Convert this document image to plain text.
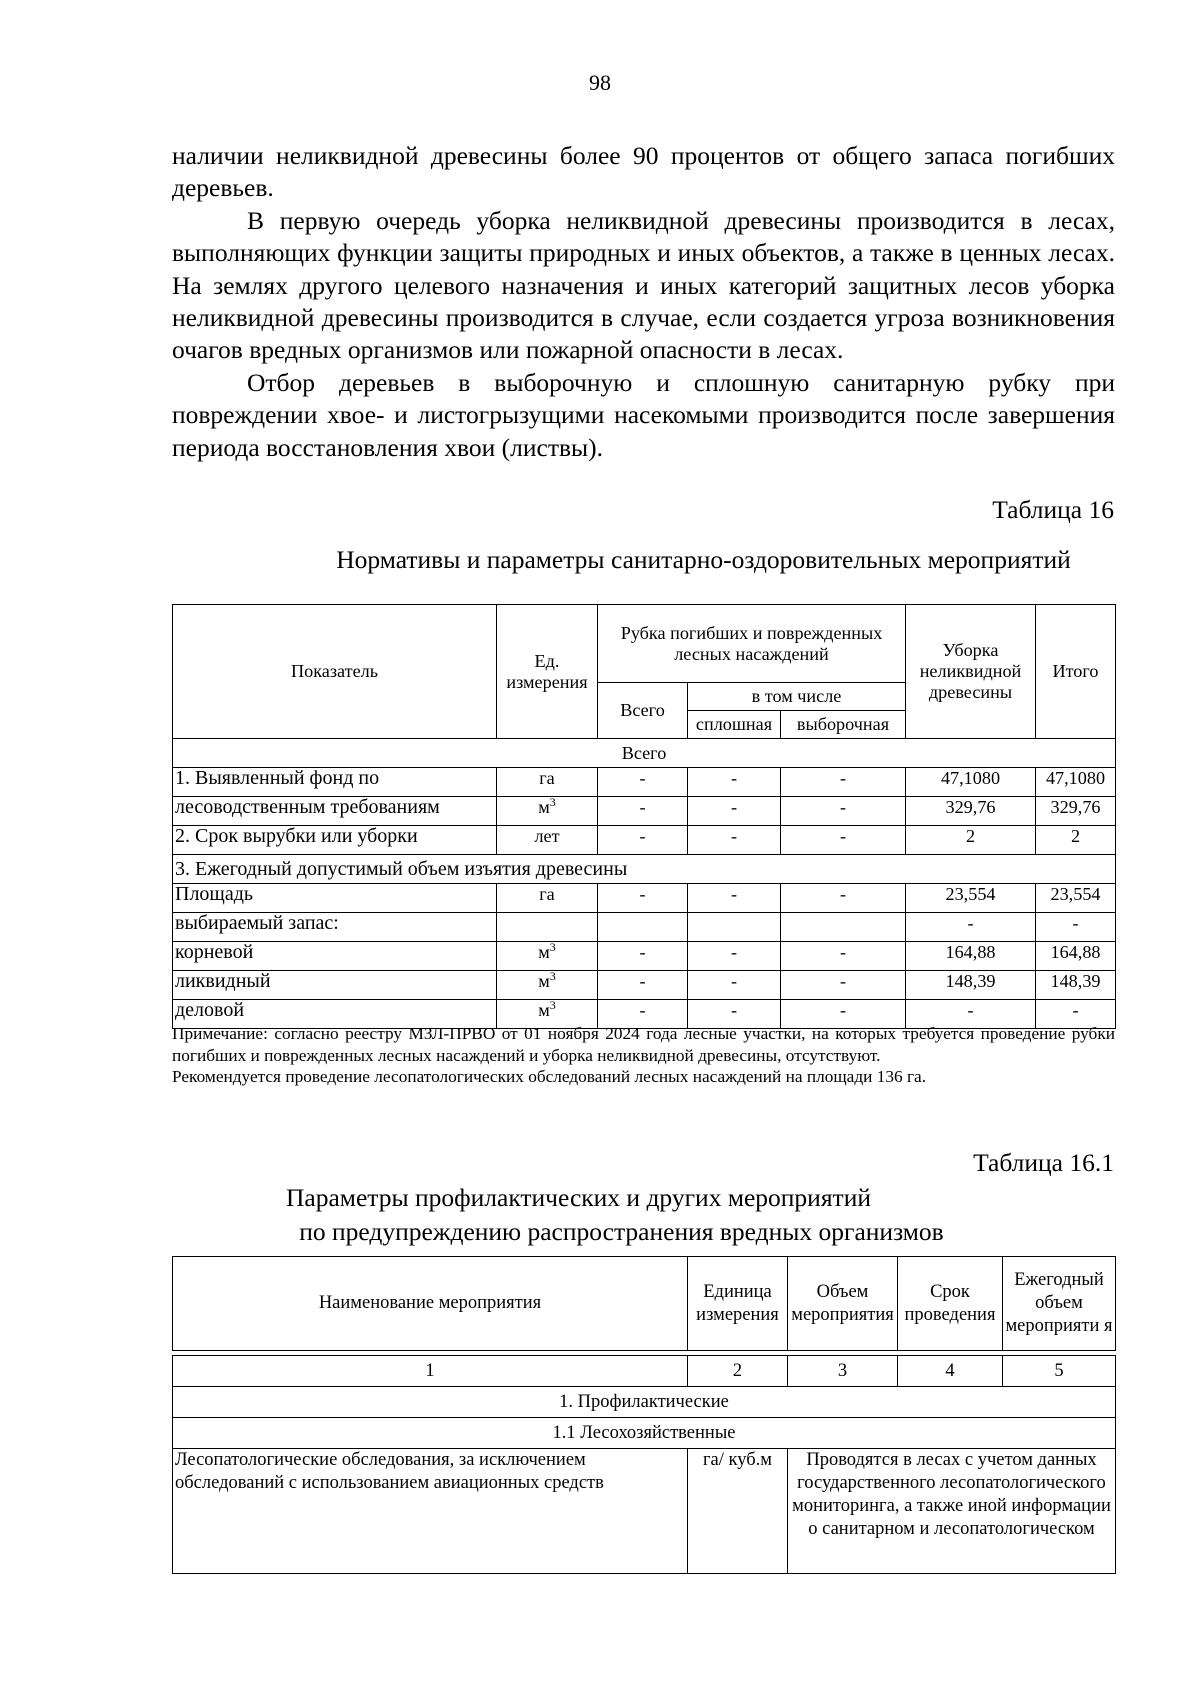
98

наличии неликвидной древесины более 90 процентов от общего запаса погибших деревьев.

В первую очередь уборка неликвидной древесины производится в лесах, выполняющих функции защиты природных и иных объектов, а также в ценных лесах. На землях другого целевого назначения и иных категорий защитных лесов уборка неликвидной древесины производится в случае, если создается угроза возникновения очагов вредных организмов или пожарной опасности в лесах.

Отбор деревьев в выборочную и сплошную санитарную рубку при повреждении хвое- и листогрызущими насекомыми производится после завершения периода восстановления хвои (листвы).

Таблица 16
Нормативы и параметры санитарно-оздоровительных мероприятий
Показатель	Ед. измерения	Рубка погибших и поврежденных лесных насаждений			Уборка неликвидной древесины	Итого
		Всего	в том числе			
			сплошная	выборочная		
Всего						
1. Выявленный фонд по	га	-	-	-	47,1080	47,1080
лесоводственным требованиям	$м^3$	-	-	-	329,76	329,76
2. Срок вырубки или уборки	лет	-	-	-	2	2
3. Ежегодный допустимый объем изъятия древесины						
Площадь	га	-	-	-	23,554	23,554
выбираемый запас:					-	-
корневой	$м^3$	-	-	-	164,88	164,88
ликвидный	$м^3$	-	-	-	148,39	148,39
деловой	$м^3$	-	-	-	-	-

Примечание: согласно реестру МЗЛ-ПРВО от 01 ноября 2024 года лесные участки, на которых требуется проведение рубки погибших и поврежденных лесных насаждений и уборка неликвидной древесины, отсутствуют.

Рекомендуется проведение лесопатологических обследований лесных насаждений на площади 136 га.

Таблица 16.1
Параметры профилактических и других мероприятий
по предупреждению распространения вредных организмов
Наименование мероприятия	Единица измерения	Объем мероприятия	Срок проведения	Ежегодный объем мероприяти я
1	2	3	4	5
1. Профилактические				
1.1 Лесохозяйственные				
Лесопатологические обследования, за исключением обследований с использованием авиационных средств	га/ куб.м	Проводятся в лесах с учетом данных государственного лесопатологического мониторинга, а также иной информации о санитарном и лесопатологическом		
